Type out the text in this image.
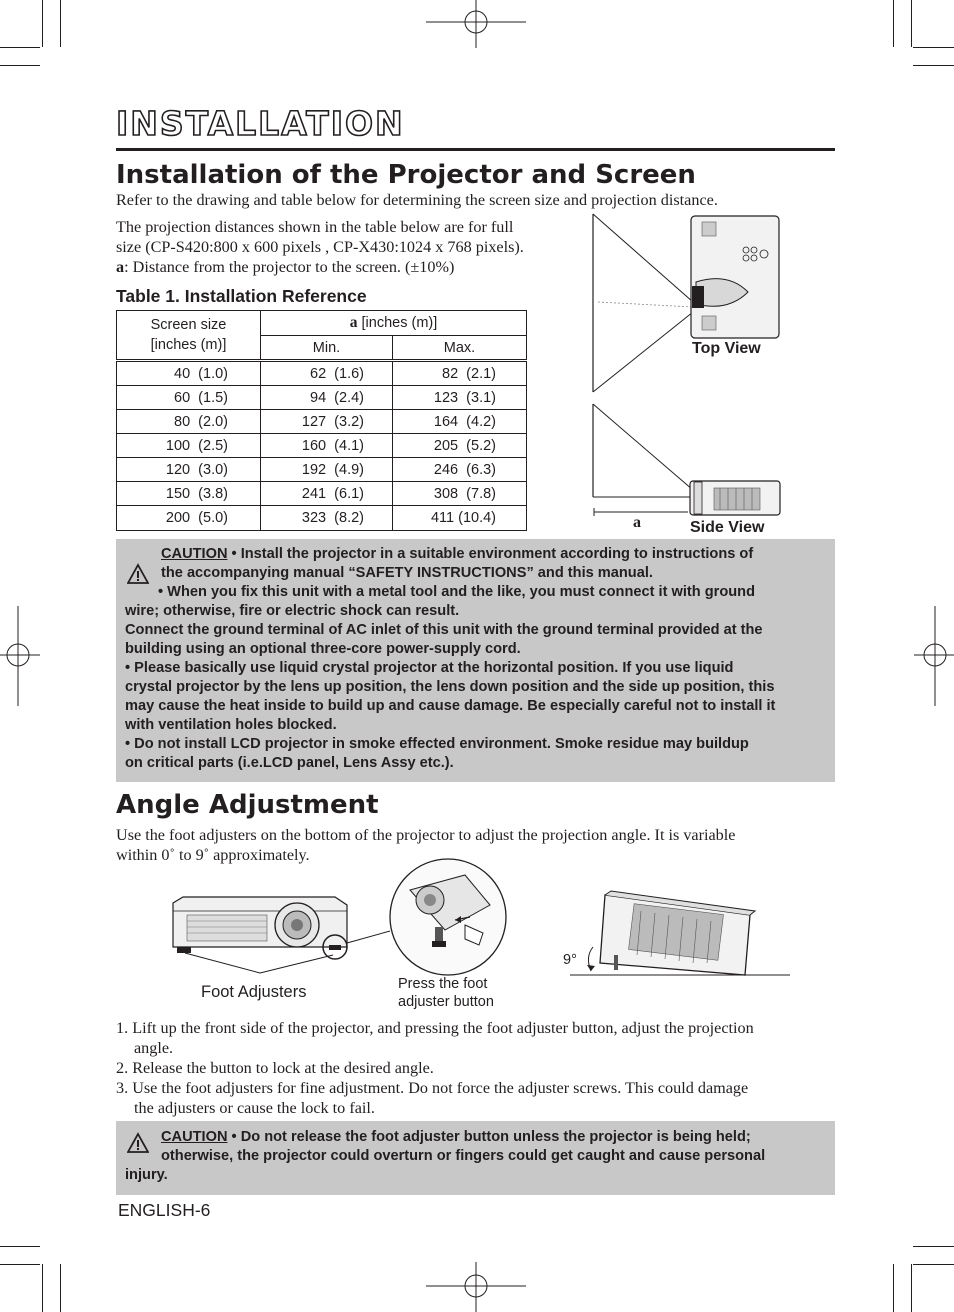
INSTALLATION
Installation of the Projector and Screen
Refer to the drawing and table below for determining the screen size and projection distance.
The projection distances shown in the table below are for full
size (CP-S420:800 x 600 pixels , CP-X430:1024 x 768 pixels).
a: Distance from the projector to the screen. (±10%)
Table 1. Installation Reference
Screen size
[inches (m)]	a [inches (m)]	
	Min.	Max.
40  (1.0)	62  (1.6)	82  (2.1)
60  (1.5)	94  (2.4)	123  (3.1)
80  (2.0)	127  (3.2)	164  (4.2)
100  (2.5)	160  (4.1)	205  (5.2)
120  (3.0)	192  (4.9)	246  (6.3)
150  (3.8)	241  (6.1)	308  (7.8)
200  (5.0)	323  (8.2)	411 (10.4)
Top View
Side View
a
CAUTION • Install the projector in a suitable environment according to instructions of
the accompanying manual “SAFETY INSTRUCTIONS” and this manual.
• When you fix this unit with a metal tool and the like, you must connect it with ground
wire; otherwise, fire or electric shock can result.
Connect the ground terminal of AC inlet of this unit with the ground terminal provided at the
building using an optional three-core power-supply cord.
• Please basically use liquid crystal projector at the horizontal position. If you use liquid
crystal projector by the lens up position, the lens down position and the side up position, this
may cause the heat inside to build up and cause damage. Be especially careful not to install it
with ventilation holes blocked.
• Do not install LCD projector in smoke effected environment. Smoke residue may buildup
on critical parts (i.e.LCD panel, Lens Assy etc.).
Angle Adjustment
Use the foot adjusters on the bottom of the projector to adjust the projection angle. It is variable
within 0˚ to 9˚ approximately.
Foot Adjusters	Press the foot
adjuster button
9°
1. Lift up the front side of the projector, and pressing the foot adjuster button, adjust the projection
angle.
2. Release the button to lock at the desired angle.
3. Use the foot adjusters for fine adjustment. Do not force the adjuster screws. This could damage
the adjusters or cause the lock to fail.
CAUTION • Do not release the foot adjuster button unless the projector is being held;
otherwise, the projector could overturn or fingers could get caught and cause personal
injury.
ENGLISH-6
